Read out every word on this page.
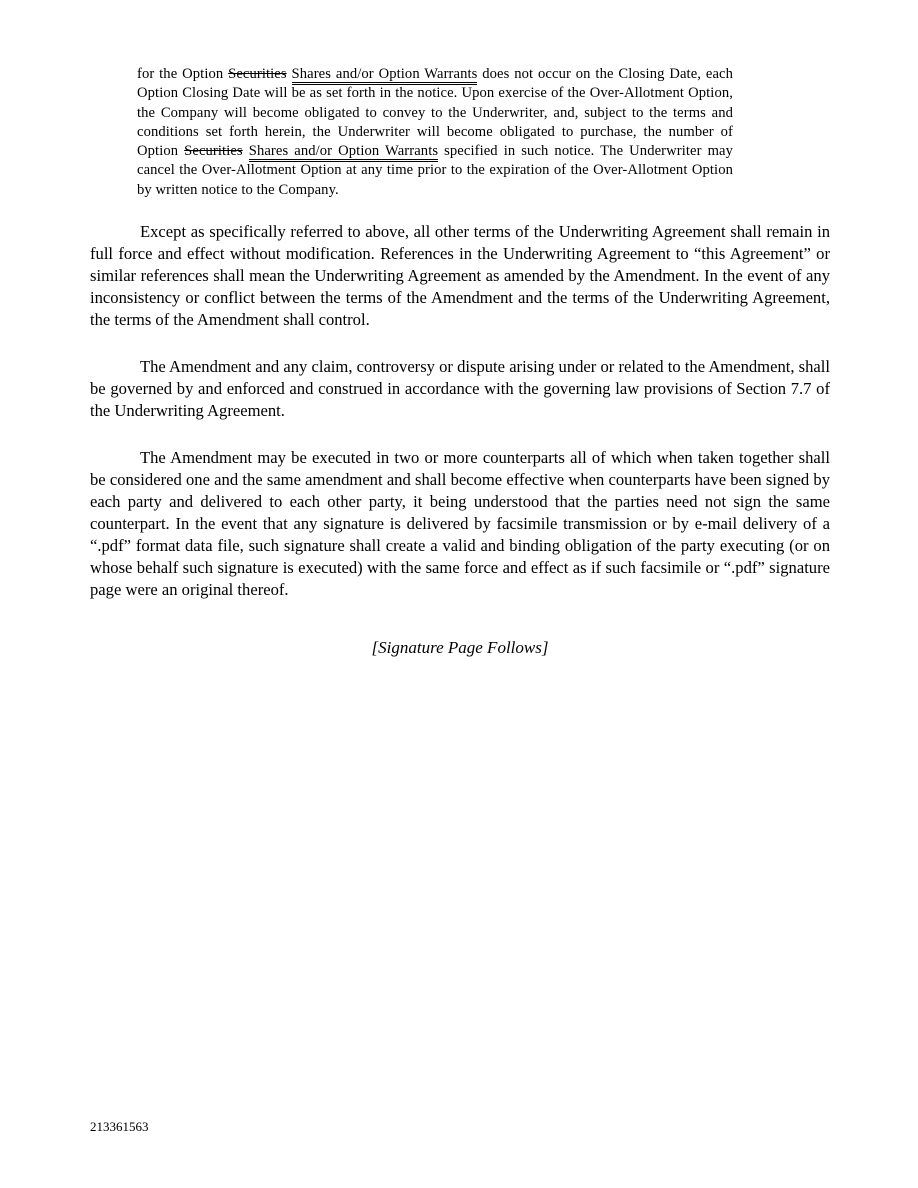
for the Option Securities Shares and/or Option Warrants does not occur on the Closing Date, each Option Closing Date will be as set forth in the notice. Upon exercise of the Over-Allotment Option, the Company will become obligated to convey to the Underwriter, and, subject to the terms and conditions set forth herein, the Underwriter will become obligated to purchase, the number of Option Securities Shares and/or Option Warrants specified in such notice. The Underwriter may cancel the Over-Allotment Option at any time prior to the expiration of the Over-Allotment Option by written notice to the Company.

Except as specifically referred to above, all other terms of the Underwriting Agreement shall remain in full force and effect without modification. References in the Underwriting Agreement to “this Agreement” or similar references shall mean the Underwriting Agreement as amended by the Amendment. In the event of any inconsistency or conflict between the terms of the Amendment and the terms of the Underwriting Agreement, the terms of the Amendment shall control.

The Amendment and any claim, controversy or dispute arising under or related to the Amendment, shall be governed by and enforced and construed in accordance with the governing law provisions of Section 7.7 of the Underwriting Agreement.

The Amendment may be executed in two or more counterparts all of which when taken together shall be considered one and the same amendment and shall become effective when counterparts have been signed by each party and delivered to each other party, it being understood that the parties need not sign the same counterpart. In the event that any signature is delivered by facsimile transmission or by e-mail delivery of a “.pdf” format data file, such signature shall create a valid and binding obligation of the party executing (or on whose behalf such signature is executed) with the same force and effect as if such facsimile or “.pdf” signature page were an original thereof.

[Signature Page Follows]

213361563
